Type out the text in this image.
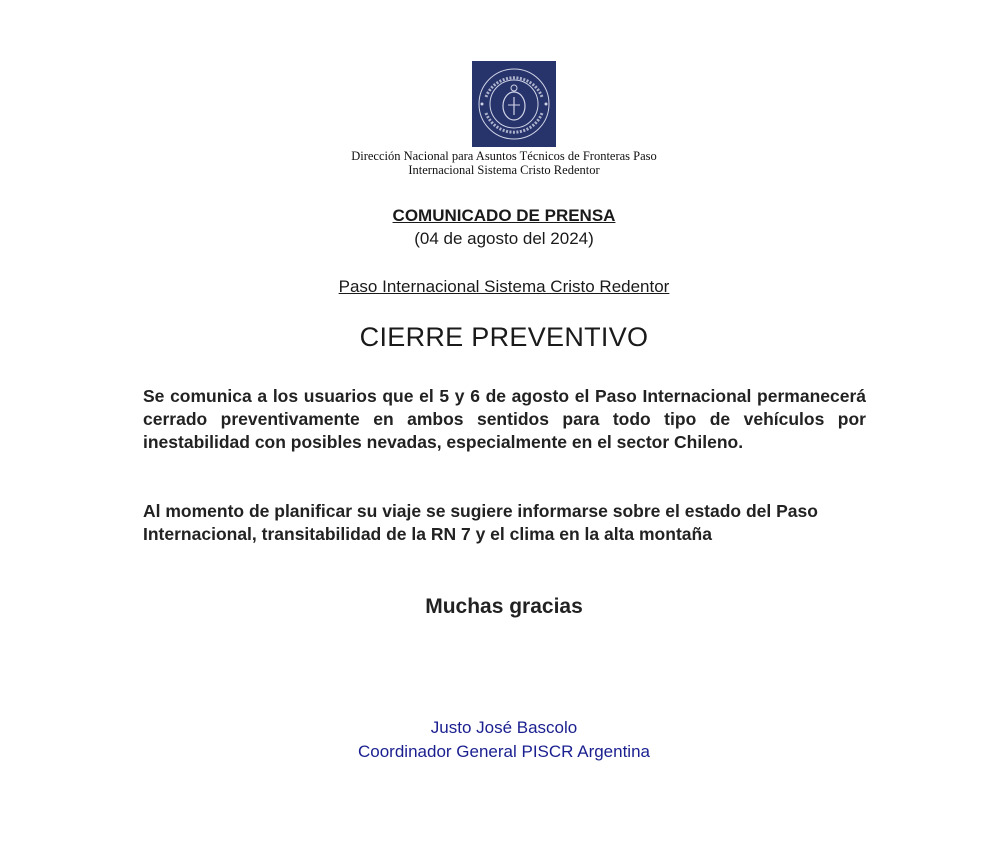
Dirección Nacional para Asuntos Técnicos de Fronteras Paso
Internacional Sistema Cristo Redentor
COMUNICADO DE PRENSA
(04 de agosto del 2024)
Paso Internacional Sistema Cristo Redentor
CIERRE PREVENTIVO
Se comunica a los usuarios que el 5 y 6 de agosto el Paso Internacional permanecerá cerrado preventivamente en ambos sentidos para todo tipo de vehículos por inestabilidad con posibles nevadas, especialmente en el sector Chileno.
Al momento de planificar su viaje se sugiere informarse sobre el estado del Paso Internacional, transitabilidad de la RN 7 y el clima en la alta montaña
Muchas gracias
Justo José Bascolo
Coordinador General PISCR Argentina
